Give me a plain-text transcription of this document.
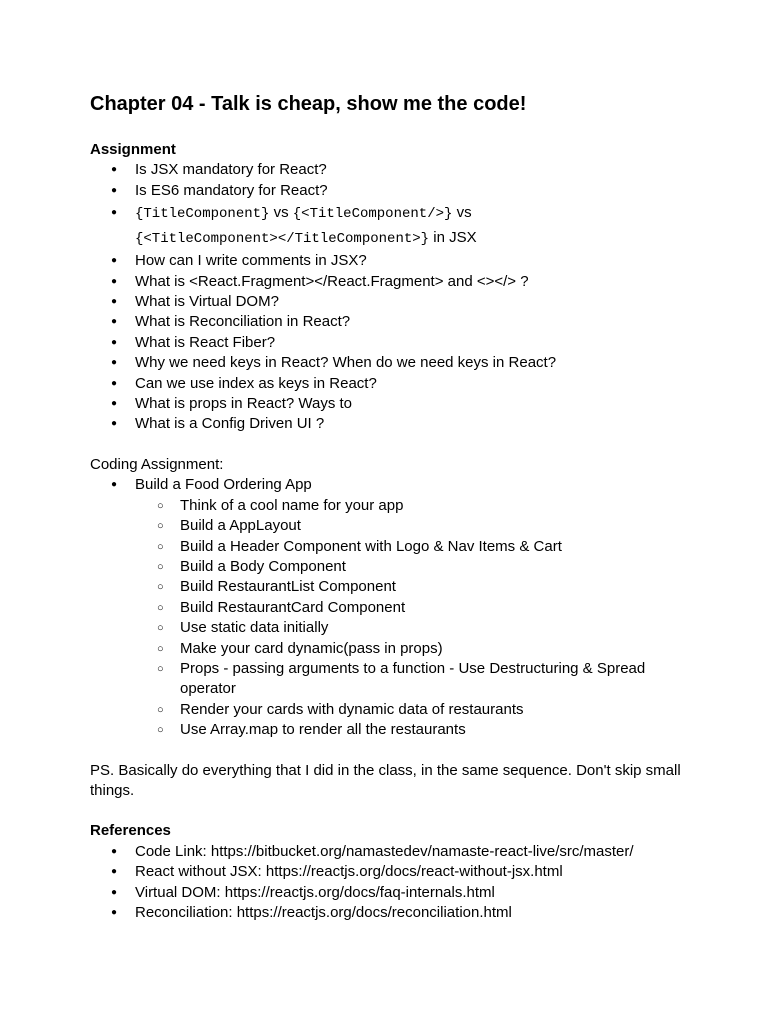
Chapter 04 - Talk is cheap, show me the code!
Assignment
● Is JSX mandatory for React?
● Is ES6 mandatory for React?
● {TitleComponent} vs {<TitleComponent/>} vs
{<TitleComponent></TitleComponent>} in JSX
● How can I write comments in JSX?
● What is <React.Fragment></React.Fragment> and <></> ?
● What is Virtual DOM?
● What is Reconciliation in React?
● What is React Fiber?
● Why we need keys in React? When do we need keys in React?
● Can we use index as keys in React?
● What is props in React? Ways to
● What is a Config Driven UI ?
Coding Assignment:
● Build a Food Ordering App
○ Think of a cool name for your app
○ Build a AppLayout
○ Build a Header Component with Logo & Nav Items & Cart
○ Build a Body Component
○ Build RestaurantList Component
○ Build RestaurantCard Component
○ Use static data initially
○ Make your card dynamic(pass in props)
○ Props - passing arguments to a function - Use Destructuring & Spread operator
○ Render your cards with dynamic data of restaurants
○ Use Array.map to render all the restaurants

PS. Basically do everything that I did in the class, in the same sequence. Don't skip small things.

References
● Code Link: https://bitbucket.org/namastedev/namaste-react-live/src/master/
● React without JSX: https://reactjs.org/docs/react-without-jsx.html
● Virtual DOM: https://reactjs.org/docs/faq-internals.html
● Reconciliation: https://reactjs.org/docs/reconciliation.html
